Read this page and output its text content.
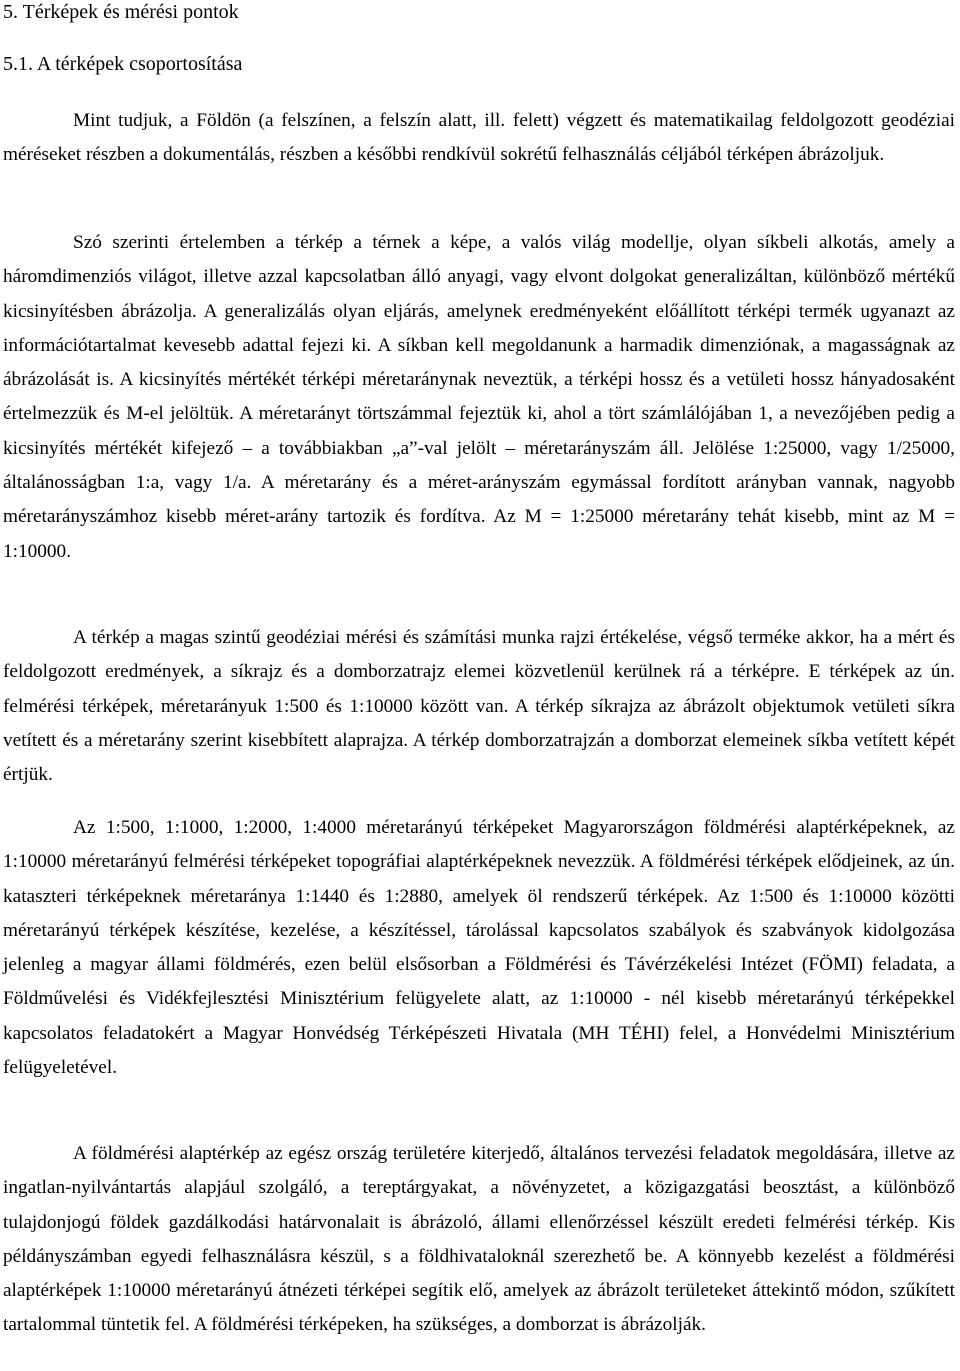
5. Térképek és mérési pontok
5.1. A térképek csoportosítása

Mint tudjuk, a Földön (a felszínen, a felszín alatt, ill. felett) végzett és matematikailag feldolgozott geodéziai méréseket részben a dokumentálás, részben a későbbi rendkívül sokrétű felhasználás céljából térképen ábrázoljuk.

Szó szerinti értelemben a térkép a térnek a képe, a valós világ modellje, olyan síkbeli alkotás, amely a háromdimenziós világot, illetve azzal kapcsolatban álló anyagi, vagy elvont dolgokat generalizáltan, különböző mértékű kicsinyítésben ábrázolja. A generalizálás olyan eljárás, amelynek eredményeként előállított térképi termék ugyanazt az információtartalmat kevesebb adattal fejezi ki. A síkban kell megoldanunk a harmadik dimenziónak, a magasságnak az ábrázolását is. A kicsinyítés mértékét térképi méretaránynak neveztük, a térképi hossz és a vetületi hossz hányadosaként értelmezzük és M-el jelöltük. A méretarányt törtszámmal fejeztük ki, ahol a tört számlálójában 1, a nevezőjében pedig a kicsinyítés mértékét kifejező – a továbbiakban „a”-val jelölt – méretarányszám áll. Jelölése 1:25000, vagy 1/25000, általánosságban 1:a, vagy 1/a. A méretarány és a méret-arányszám egymással fordított arányban vannak, nagyobb méretarányszámhoz kisebb méret-arány tartozik és fordítva. Az M = 1:25000 méretarány tehát kisebb, mint az M = 1:10000.

A térkép a magas szintű geodéziai mérési és számítási munka rajzi értékelése, végső terméke akkor, ha a mért és feldolgozott eredmények, a síkrajz és a domborzatrajz elemei közvetlenül kerülnek rá a térképre. E térképek az ún. felmérési térképek, méretarányuk 1:500 és 1:10000 között van. A térkép síkrajza az ábrázolt objektumok vetületi síkra vetített és a méretarány szerint kisebbített alaprajza. A térkép domborzatrajzán a domborzat elemeinek síkba vetített képét értjük.

Az 1:500, 1:1000, 1:2000, 1:4000 méretarányú térképeket Magyarországon földmérési alaptérképeknek, az 1:10000 méretarányú felmérési térképeket topográfiai alaptérképeknek nevezzük. A földmérési térképek elődjeinek, az ún. kataszteri térképeknek méretaránya 1:1440 és 1:2880, amelyek öl rendszerű térképek. Az 1:500 és 1:10000 közötti méretarányú térképek készítése, kezelése, a készítéssel, tárolással kapcsolatos szabályok és szabványok kidolgozása jelenleg a magyar állami földmérés, ezen belül elsősorban a Földmérési és Távérzékelési Intézet (FÖMI) feladata, a Földművelési és Vidékfejlesztési Minisztérium felügyelete alatt, az 1:10000 - nél kisebb méretarányú térképekkel kapcsolatos feladatokért a Magyar Honvédség Térképészeti Hivatala (MH TÉHI) felel, a Honvédelmi Minisztérium felügyeletével.

A földmérési alaptérkép az egész ország területére kiterjedő, általános tervezési feladatok megoldására, illetve az ingatlan-nyilvántartás alapjául szolgáló, a tereptárgyakat, a növényzetet, a közigazgatási beosztást, a különböző tulajdonjogú földek gazdálkodási határvonalait is ábrázoló, állami ellenőrzéssel készült eredeti felmérési térkép. Kis példányszámban egyedi felhasználásra készül, s a földhivataloknál szerezhető be. A könnyebb kezelést a földmérési alaptérképek 1:10000 méretarányú átnézeti térképei segítik elő, amelyek az ábrázolt területeket áttekintő módon, szűkített tartalommal tüntetik fel. A földmérési térképeken, ha szükséges, a domborzat is ábrázolják.
